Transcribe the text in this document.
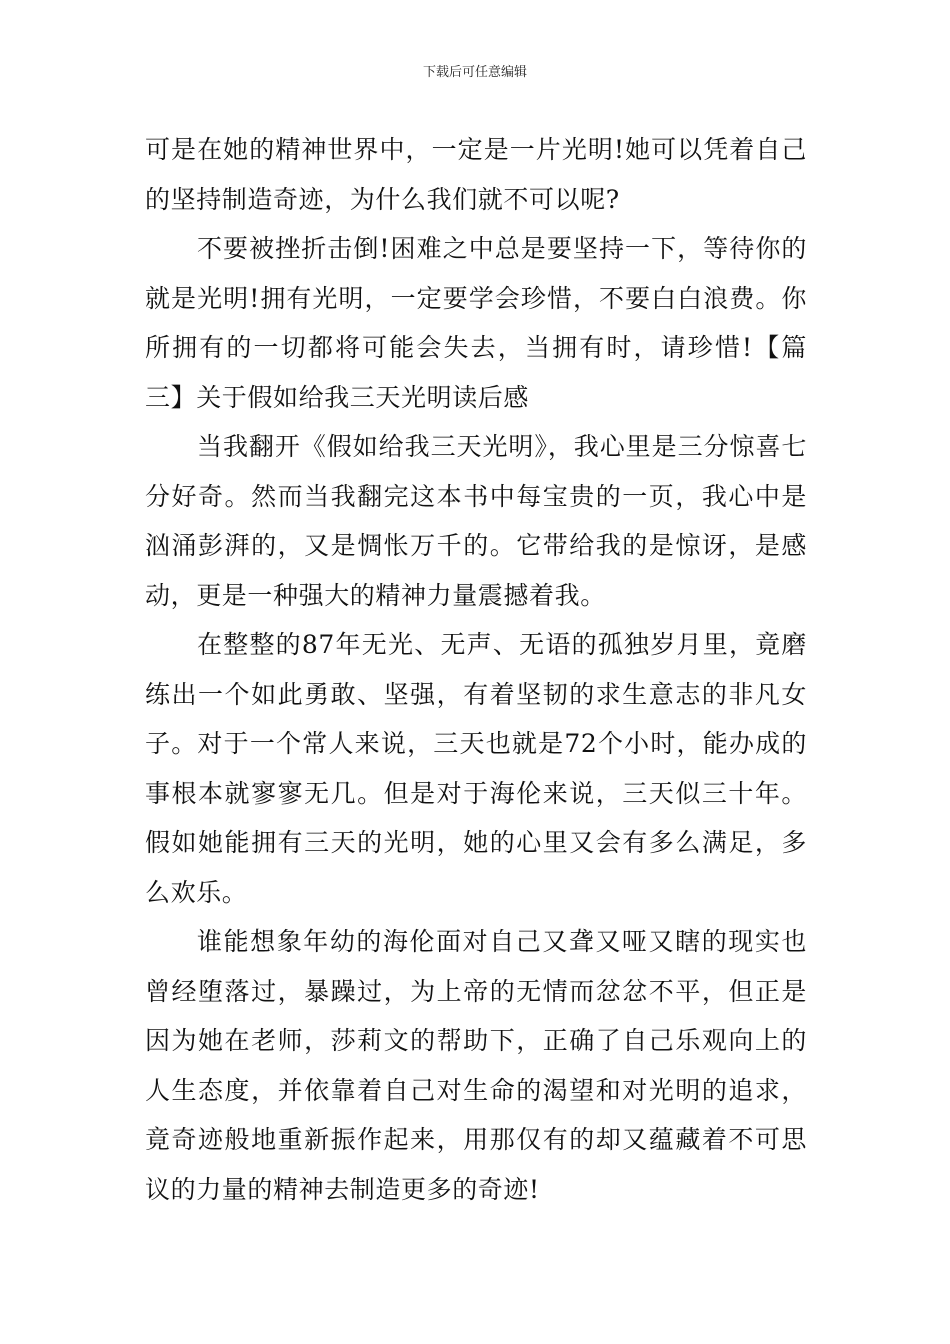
下载后可任意编辑

可是在她的精神世界中，一定是一片光明!她可以凭着自己的坚持制造奇迹，为什么我们就不可以呢?

不要被挫折击倒!困难之中总是要坚持一下，等待你的就是光明!拥有光明，一定要学会珍惜，不要白白浪费。你所拥有的一切都将可能会失去，当拥有时，请珍惜!【篇三】关于假如给我三天光明读后感

当我翻开《假如给我三天光明》，我心里是三分惊喜七分好奇。然而当我翻完这本书中每宝贵的一页，我心中是汹涌彭湃的，又是惆怅万千的。它带给我的是惊讶，是感动，更是一种强大的精神力量震撼着我。

在整整的87年无光、无声、无语的孤独岁月里，竟磨练出一个如此勇敢、坚强，有着坚韧的求生意志的非凡女子。对于一个常人来说，三天也就是72个小时，能办成的事根本就寥寥无几。但是对于海伦来说，三天似三十年。假如她能拥有三天的光明，她的心里又会有多么满足，多么欢乐。

谁能想象年幼的海伦面对自己又聋又哑又瞎的现实也曾经堕落过，暴躁过，为上帝的无情而忿忿不平，但正是因为她在老师，莎莉文的帮助下，正确了自己乐观向上的人生态度，并依靠着自己对生命的渴望和对光明的追求，竟奇迹般地重新振作起来，用那仅有的却又蕴藏着不可思议的力量的精神去制造更多的奇迹!
